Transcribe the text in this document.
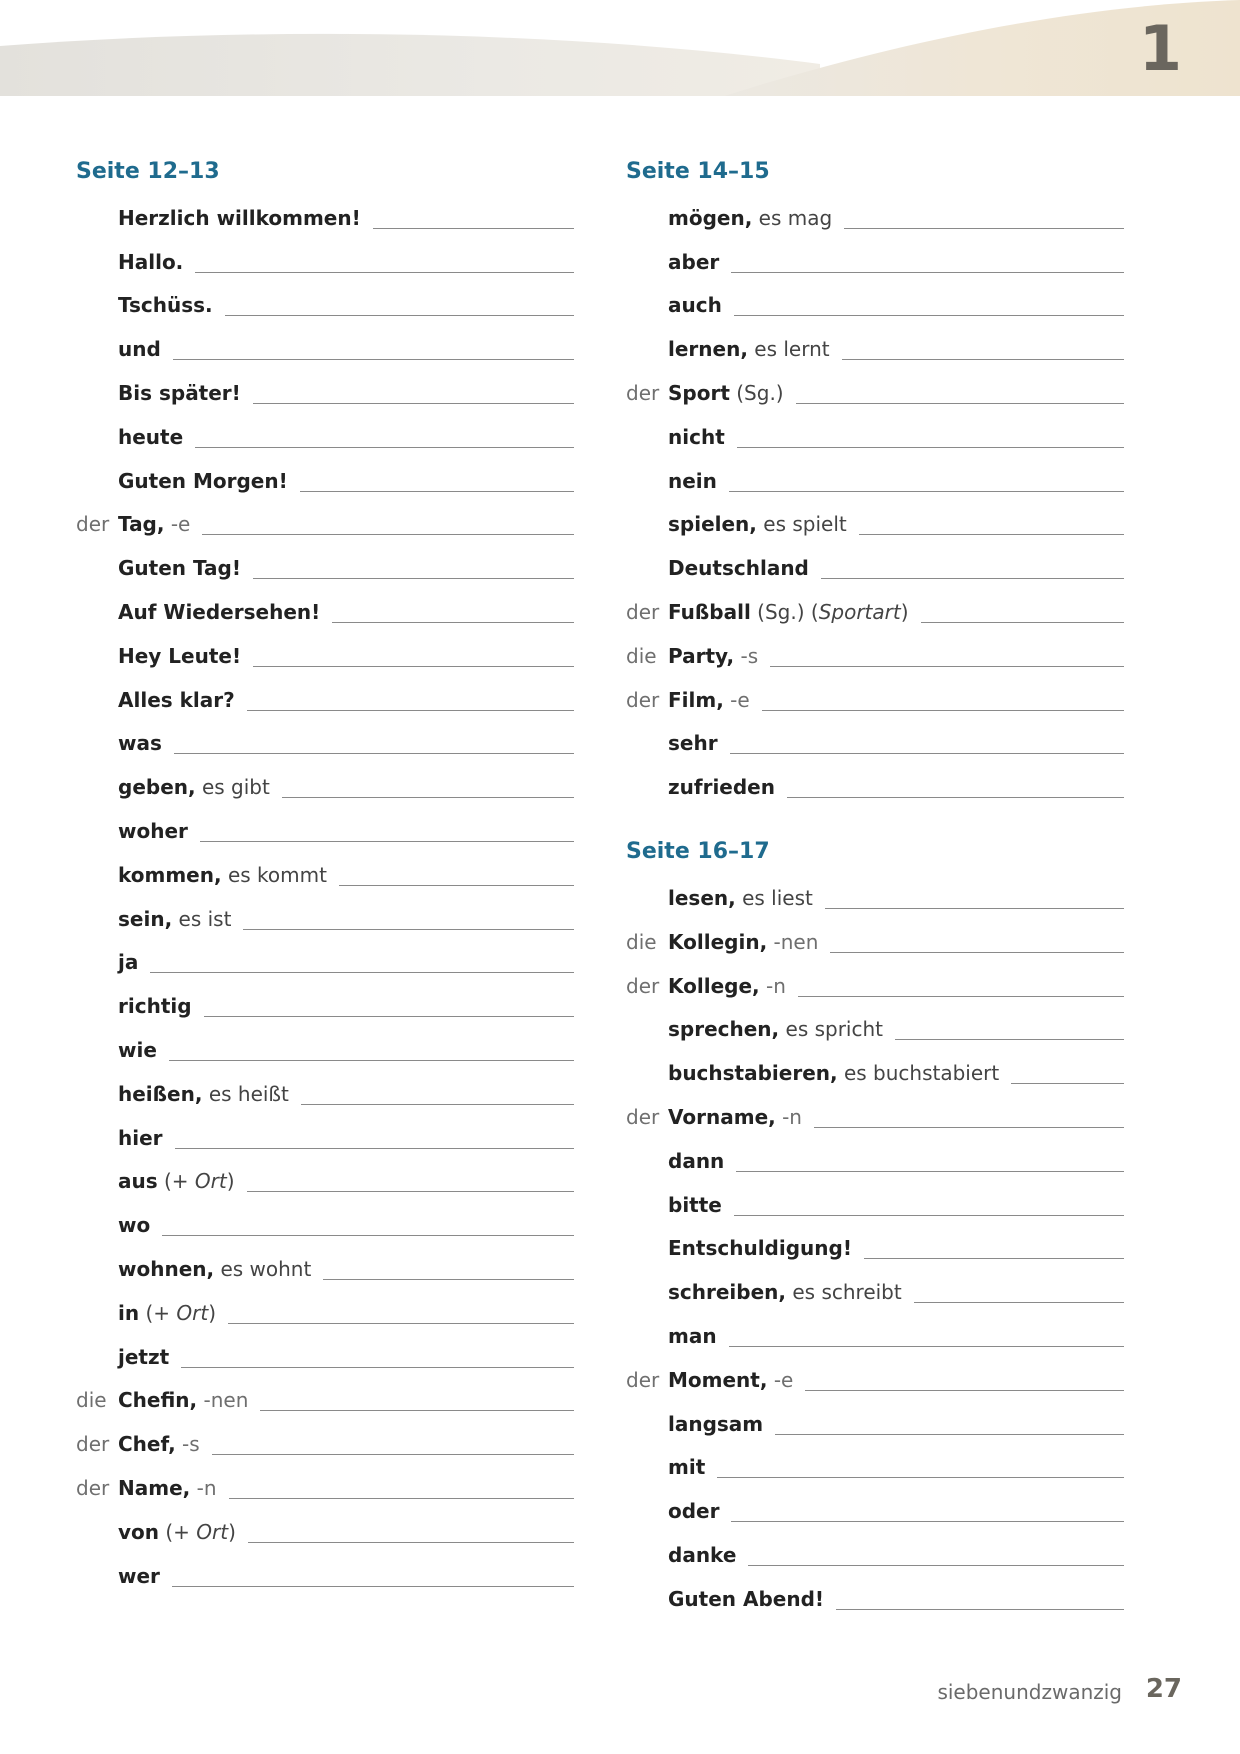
1
Seite 12–13
Herzlich willkommen!
Hallo.
Tschüss.
und
Bis später!
heute
Guten Morgen!
der Tag, -e
Guten Tag!
Auf Wiedersehen!
Hey Leute!
Alles klar?
was
geben, es gibt
woher
kommen, es kommt
sein, es ist
ja
richtig
wie
heißen, es heißt
hier
aus (+ Ort)
wo
wohnen, es wohnt
in (+ Ort)
jetzt
die Chefin, -nen
der Chef, -s
der Name, -n
von (+ Ort)
wer
Seite 14–15
mögen, es mag
aber
auch
lernen, es lernt
der Sport (Sg.)
nicht
nein
spielen, es spielt
Deutschland
der Fußball (Sg.) (Sportart)
die Party, -s
der Film, -e
sehr
zufrieden
Seite 16–17
lesen, es liest
die Kollegin, -nen
der Kollege, -n
sprechen, es spricht
buchstabieren, es buchstabiert
der Vorname, -n
dann
bitte
Entschuldigung!
schreiben, es schreibt
man
der Moment, -e
langsam
mit
oder
danke
Guten Abend!
siebenundzwanzig 27
